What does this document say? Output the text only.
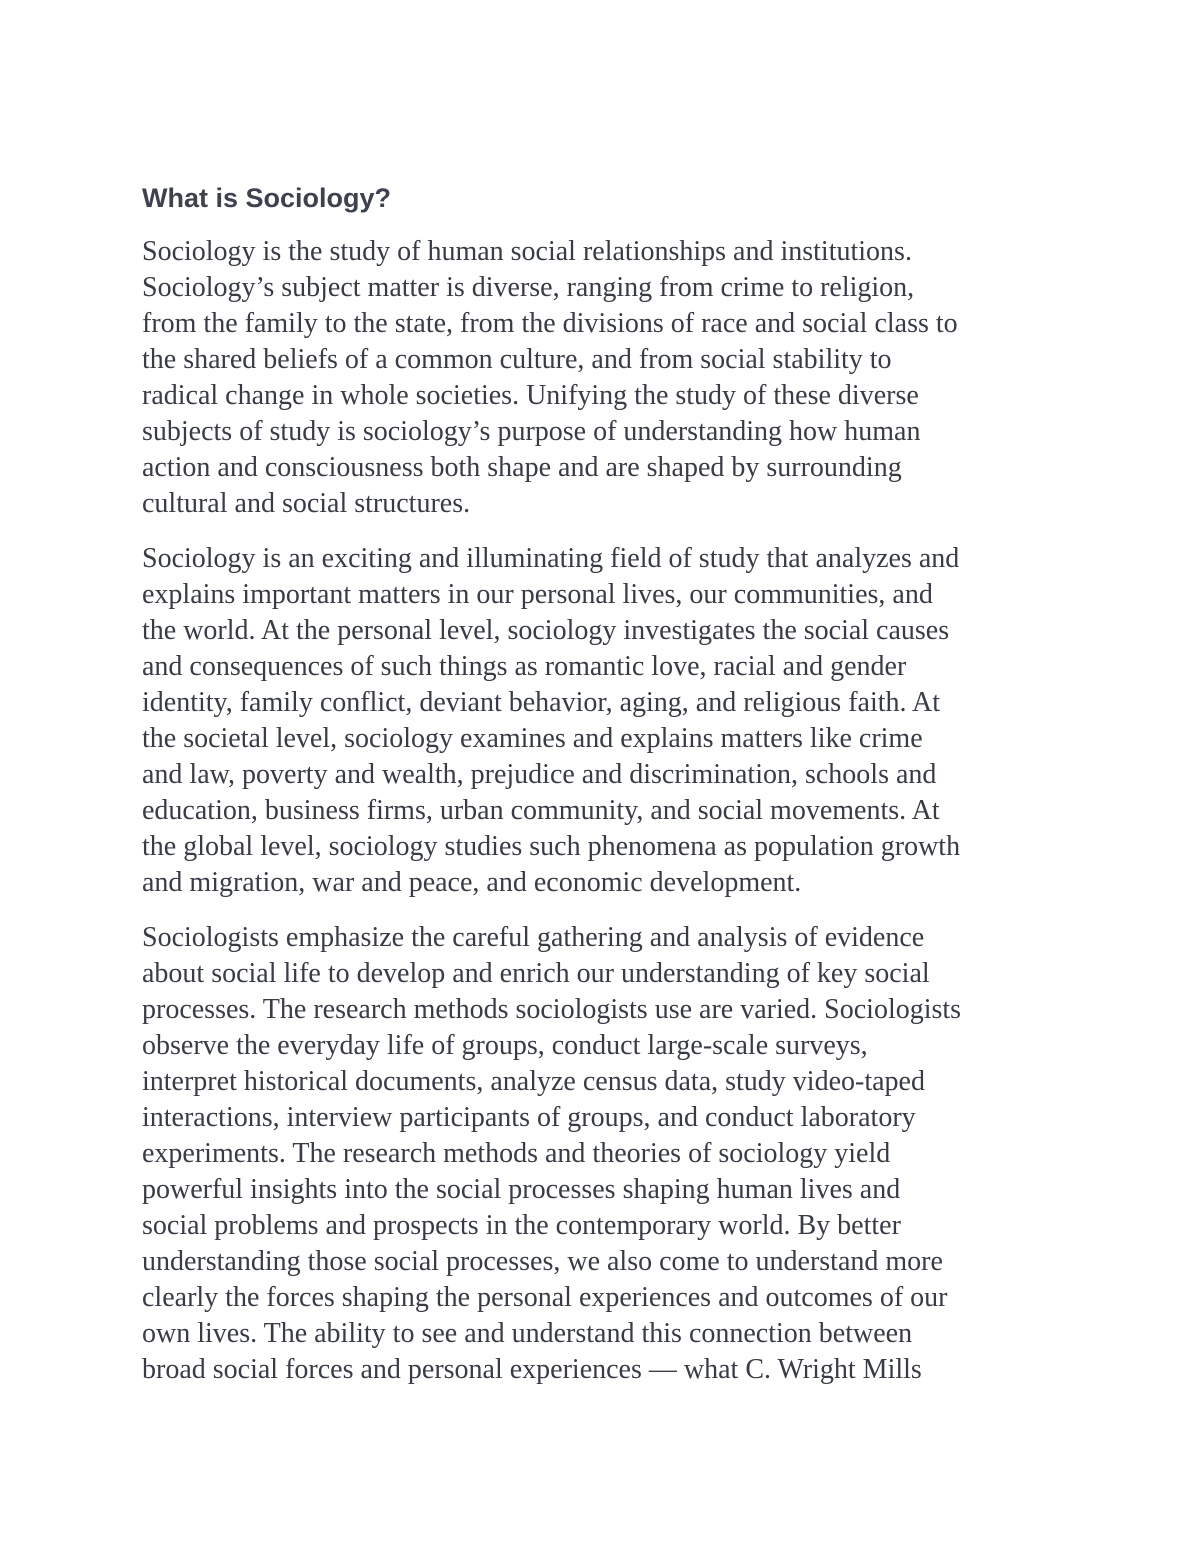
What is Sociology?

Sociology is the study of human social relationships and institutions.
Sociology’s subject matter is diverse, ranging from crime to religion,
from the family to the state, from the divisions of race and social class to
the shared beliefs of a common culture, and from social stability to
radical change in whole societies. Unifying the study of these diverse
subjects of study is sociology’s purpose of understanding how human
action and consciousness both shape and are shaped by surrounding
cultural and social structures.

Sociology is an exciting and illuminating field of study that analyzes and
explains important matters in our personal lives, our communities, and
the world. At the personal level, sociology investigates the social causes
and consequences of such things as romantic love, racial and gender
identity, family conflict, deviant behavior, aging, and religious faith. At
the societal level, sociology examines and explains matters like crime
and law, poverty and wealth, prejudice and discrimination, schools and
education, business firms, urban community, and social movements. At
the global level, sociology studies such phenomena as population growth
and migration, war and peace, and economic development.

Sociologists emphasize the careful gathering and analysis of evidence
about social life to develop and enrich our understanding of key social
processes. The research methods sociologists use are varied. Sociologists
observe the everyday life of groups, conduct large-scale surveys,
interpret historical documents, analyze census data, study video-taped
interactions, interview participants of groups, and conduct laboratory
experiments. The research methods and theories of sociology yield
powerful insights into the social processes shaping human lives and
social problems and prospects in the contemporary world. By better
understanding those social processes, we also come to understand more
clearly the forces shaping the personal experiences and outcomes of our
own lives. The ability to see and understand this connection between
broad social forces and personal experiences — what C. Wright Mills
